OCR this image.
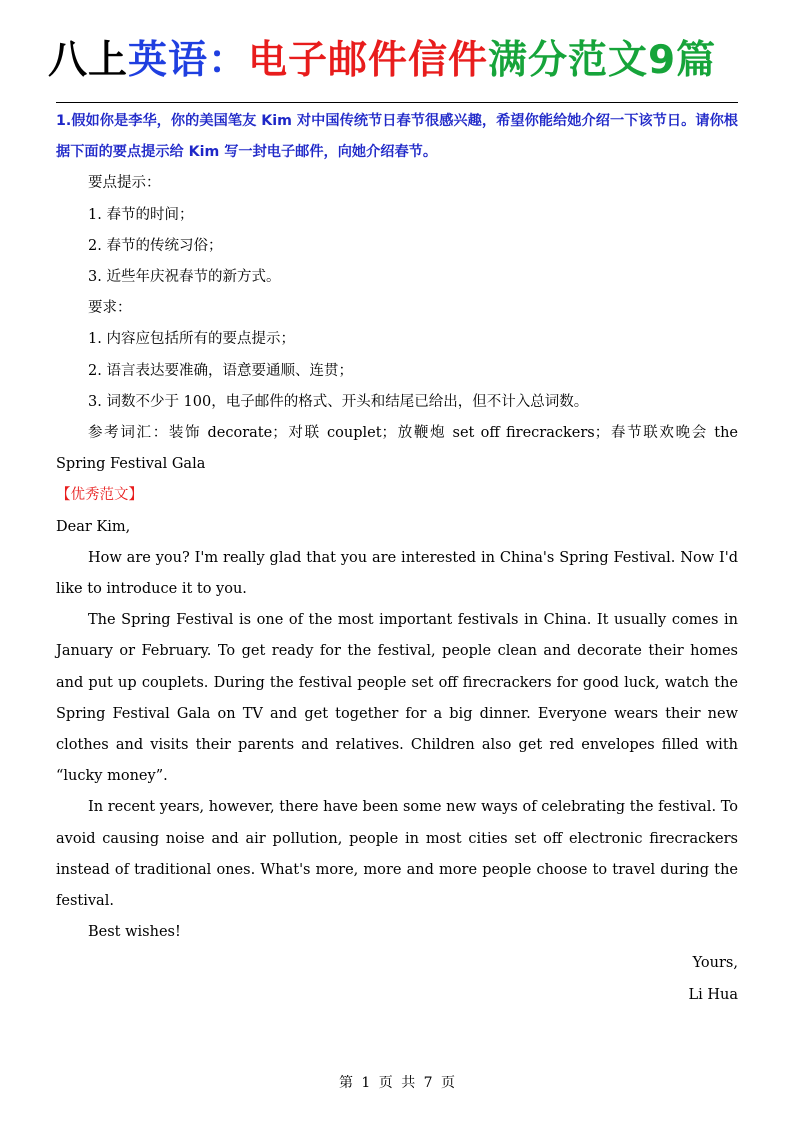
八上英语：电子邮件信件满分范文9篇

1.假如你是李华，你的美国笔友 Kim 对中国传统节日春节很感兴趣，希望你能给她介绍一下该节日。请你根据下面的要点提示给 Kim 写一封电子邮件，向她介绍春节。

要点提示：

1. 春节的时间；

2. 春节的传统习俗；

3. 近些年庆祝春节的新方式。

要求：

1. 内容应包括所有的要点提示；

2. 语言表达要准确，语意要通顺、连贯；

3. 词数不少于 100，电子邮件的格式、开头和结尾已给出，但不计入总词数。

参考词汇：装饰 decorate；对联 couplet；放鞭炮 set off firecrackers；春节联欢晚会 the Spring Festival Gala

【优秀范文】

Dear Kim,

How are you? I'm really glad that you are interested in China's Spring Festival. Now I'd like to introduce it to you.

The Spring Festival is one of the most important festivals in China. It usually comes in January or February. To get ready for the festival, people clean and decorate their homes and put up couplets. During the festival people set off firecrackers for good luck, watch the Spring Festival Gala on TV and get together for a big dinner. Everyone wears their new clothes and visits their parents and relatives. Children also get red envelopes filled with “lucky money”.

In recent years, however, there have been some new ways of celebrating the festival. To avoid causing noise and air pollution, people in most cities set off electronic firecrackers instead of traditional ones. What's more, more and more people choose to travel during the festival.

Best wishes!

Yours,

Li Hua

第 1 页 共 7 页
